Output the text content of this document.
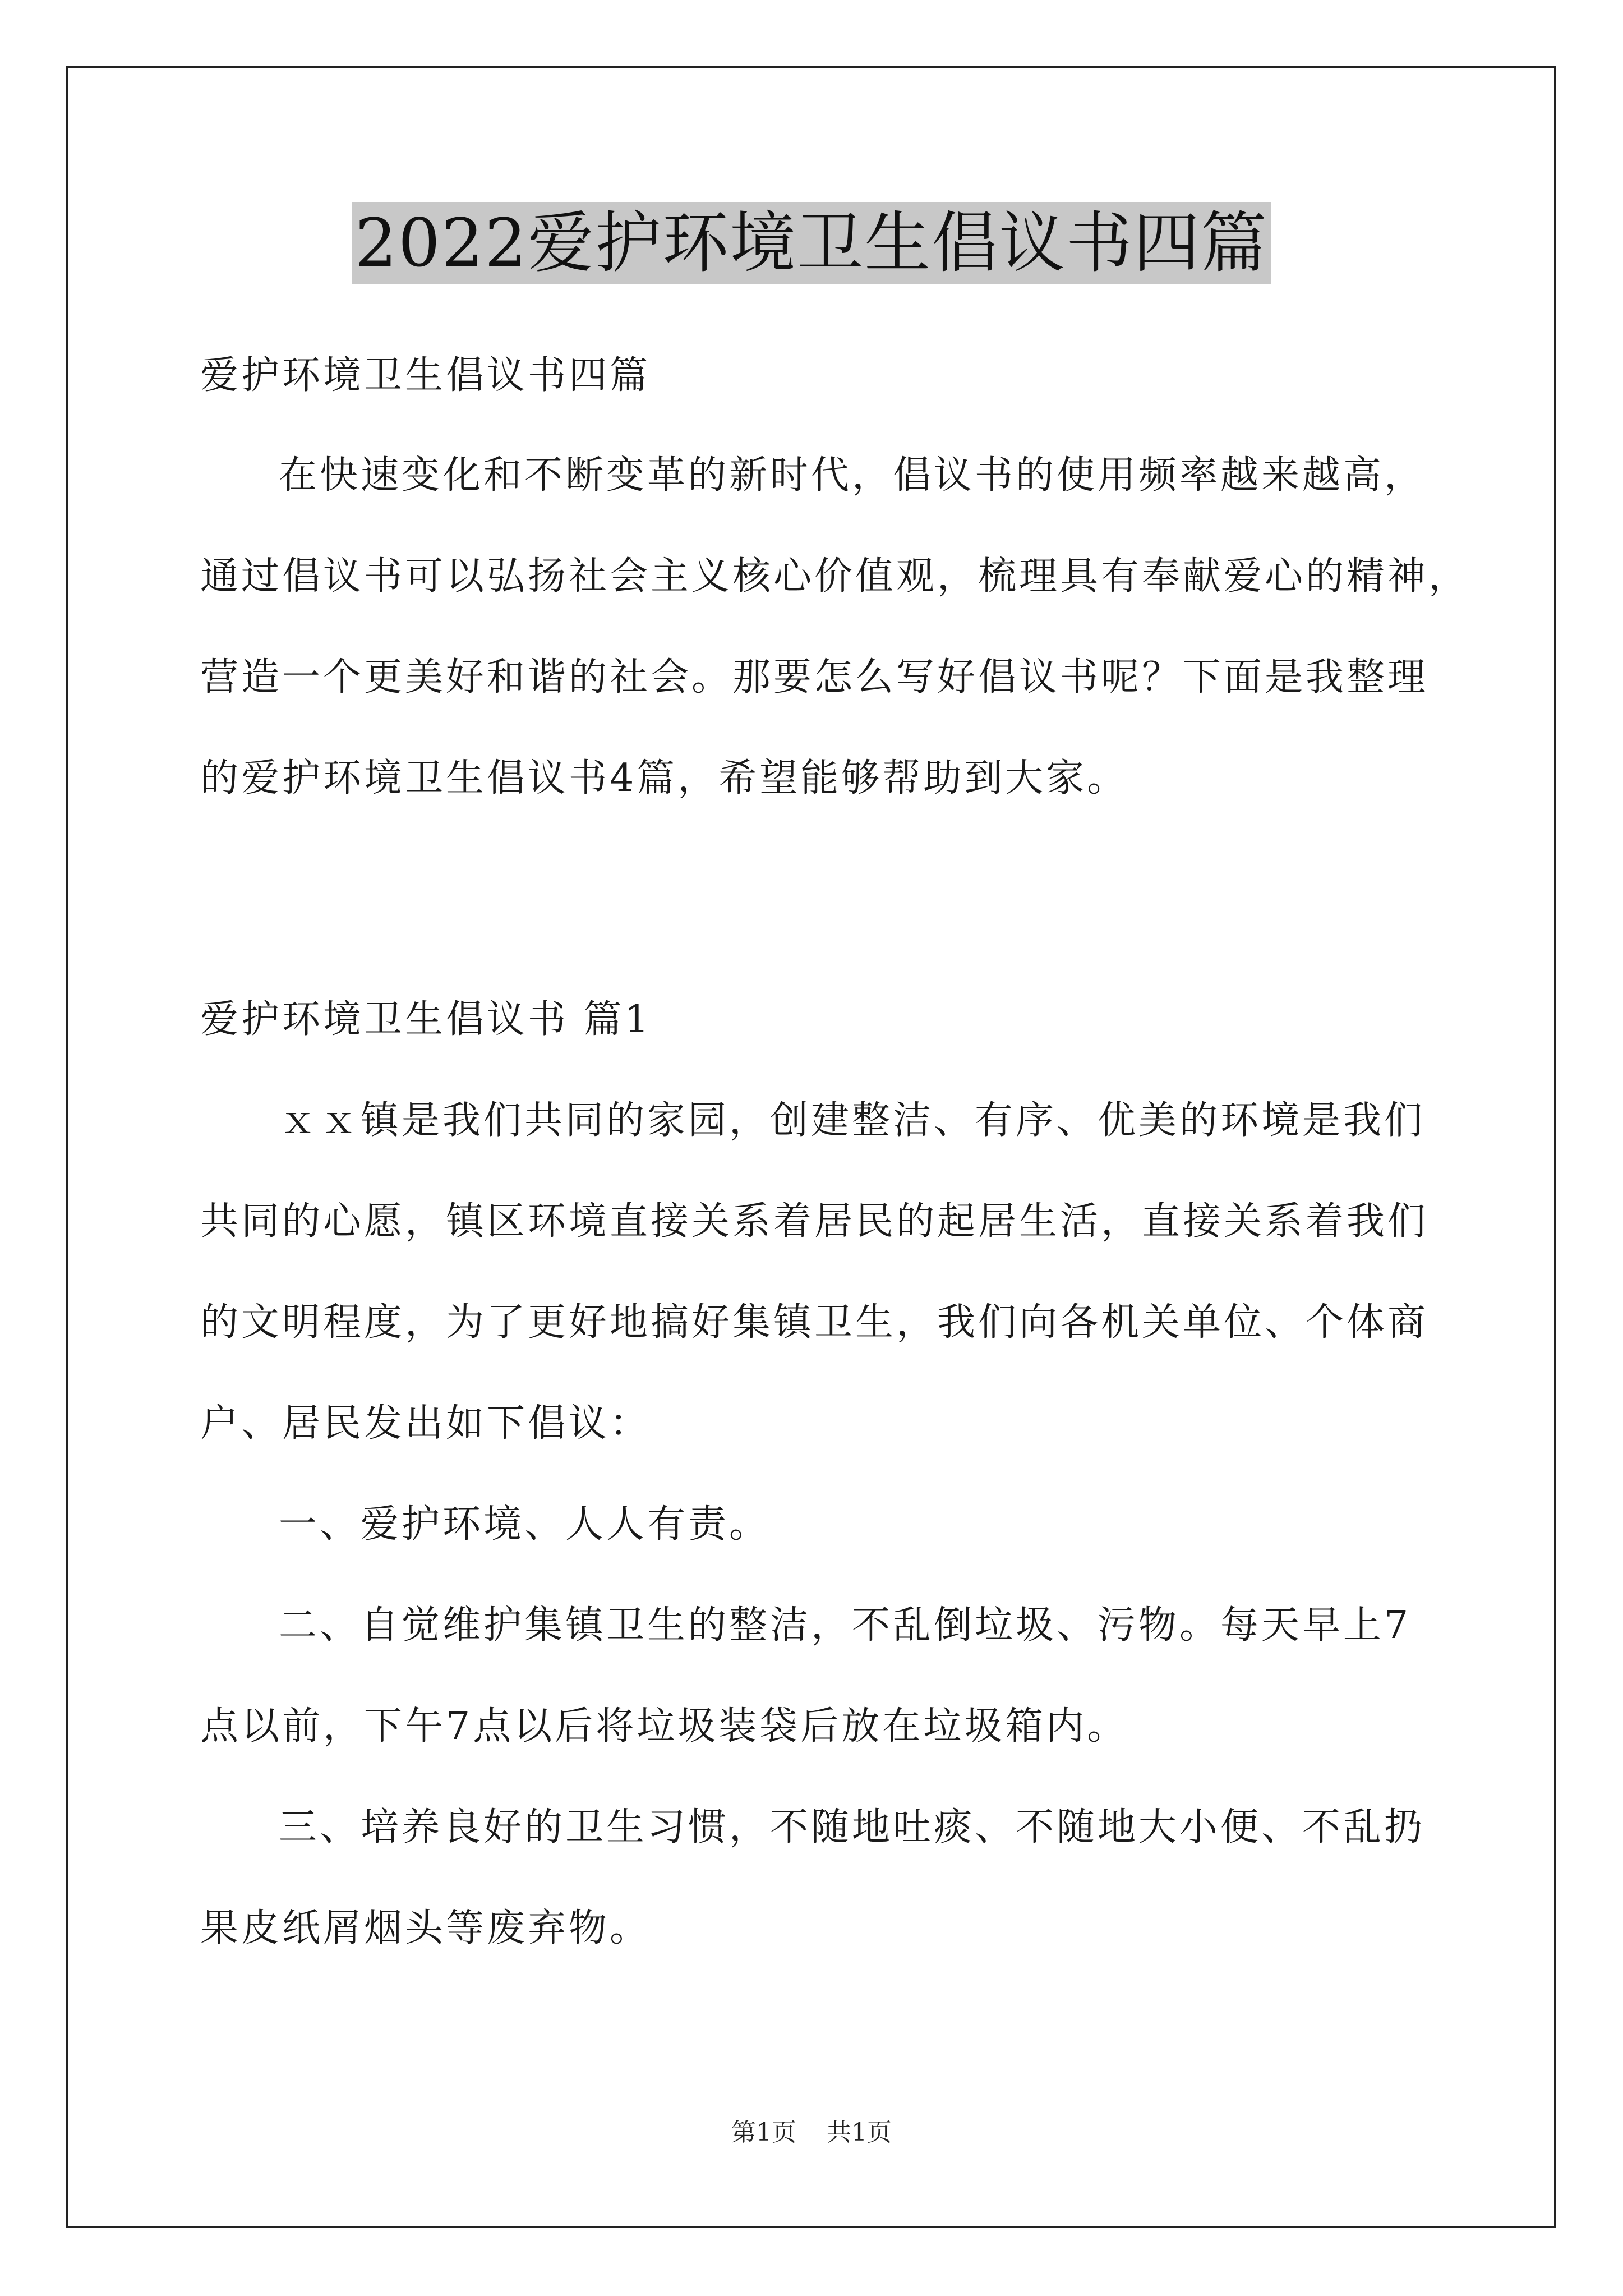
2022爱护环境卫生倡议书四篇
爱护环境卫生倡议书四篇
在快速变化和不断变革的新时代，倡议书的使用频率越来越高，
通过倡议书可以弘扬社会主义核心价值观，梳理具有奉献爱心的精神，
营造一个更美好和谐的社会。那要怎么写好倡议书呢？下面是我整理
的爱护环境卫生倡议书4篇，希望能够帮助到大家。
爱护环境卫生倡议书 篇1
ｘｘ镇是我们共同的家园，创建整洁、有序、优美的环境是我们
共同的心愿，镇区环境直接关系着居民的起居生活，直接关系着我们
的文明程度，为了更好地搞好集镇卫生，我们向各机关单位、个体商
户、居民发出如下倡议：
一、爱护环境、人人有责。
二、自觉维护集镇卫生的整洁，不乱倒垃圾、污物。每天早上7
点以前，下午7点以后将垃圾装袋后放在垃圾箱内。
三、培养良好的卫生习惯，不随地吐痰、不随地大小便、不乱扔
果皮纸屑烟头等废弃物。
第1页 共1页
